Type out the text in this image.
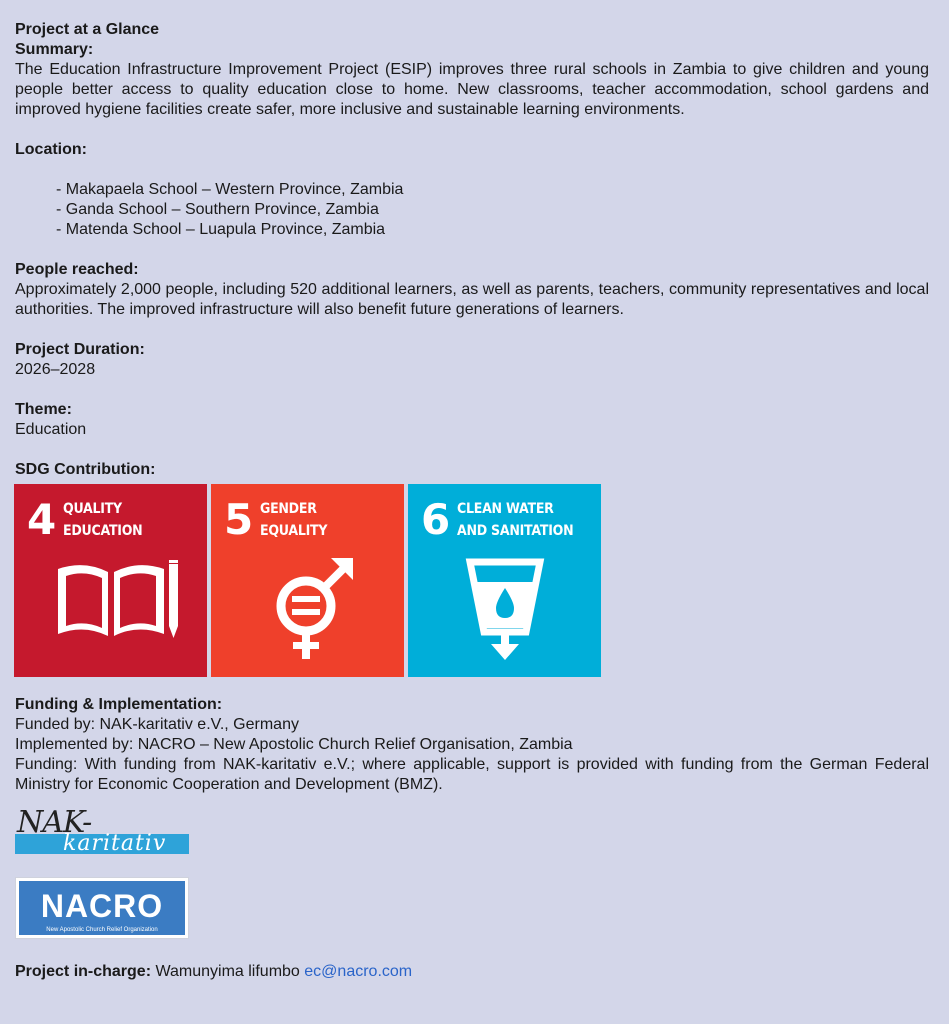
Project at a Glance
Summary:
The Education Infrastructure Improvement Project (ESIP) improves three rural schools in Zambia to give children and young people better access to quality education close to home. New classrooms, teacher accommodation, school gardens and improved hygiene facilities create safer, more inclusive and sustainable learning environments.
Location:
- Makapaela School – Western Province, Zambia
- Ganda School – Southern Province, Zambia
- Matenda School – Luapula Province, Zambia
People reached:
Approximately 2,000 people, including 520 additional learners, as well as parents, teachers, community representatives and local authorities. The improved infrastructure will also benefit future generations of learners.
Project Duration:
2026–2028
Theme:
Education
SDG Contribution:
4 QUALITY
EDUCATION 5 GENDER
EQUALITY 6 CLEAN WATER
AND SANITATION
Funding & Implementation:
Funded by: NAK-karitativ e.V., Germany
Implemented by: NACRO – New Apostolic Church Relief Organisation, Zambia
Funding: With funding from NAK-karitativ e.V.; where applicable, support is provided with funding from the German Federal Ministry for Economic Cooperation and Development (BMZ).
NAK-
karitativ
NACRO
New Apostolic Church Relief Organization
Project in-charge: Wamunyima lifumbo ec@nacro.com
